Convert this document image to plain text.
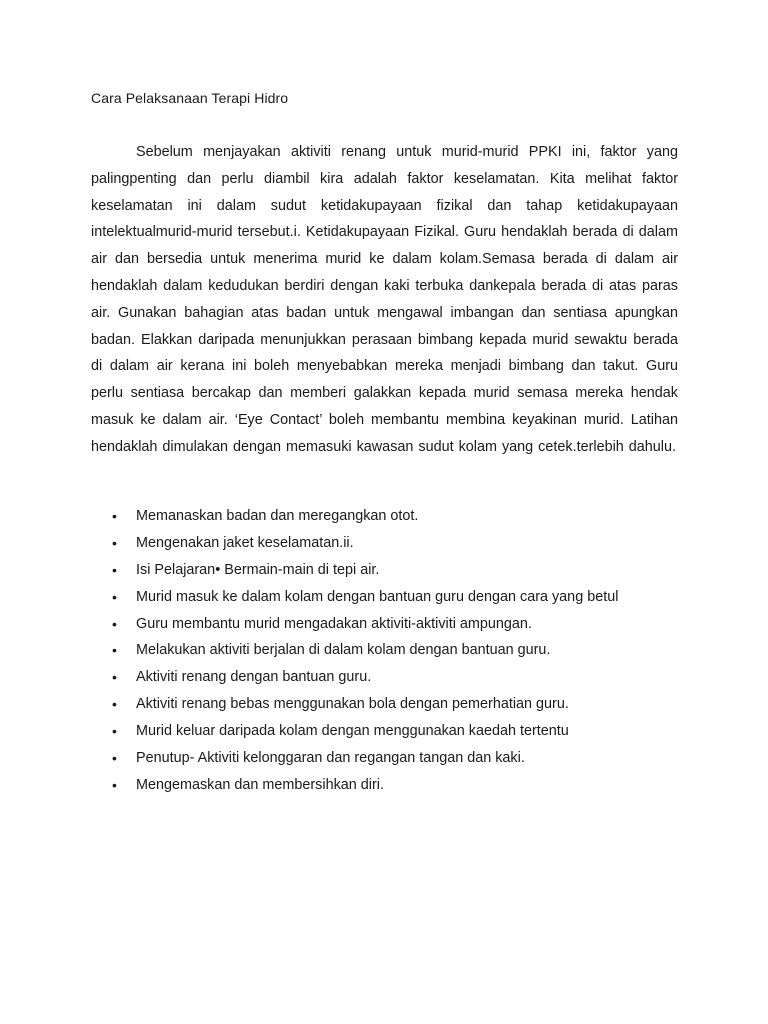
Cara Pelaksanaan Terapi Hidro

Sebelum menjayakan aktiviti renang untuk murid-murid PPKI ini, faktor yang palingpenting dan perlu diambil kira adalah faktor keselamatan. Kita melihat faktor keselamatan ini dalam sudut ketidakupayaan fizikal dan tahap ketidakupayaan intelektualmurid-murid tersebut.i. Ketidakupayaan Fizikal. Guru hendaklah berada di dalam air dan bersedia untuk menerima murid ke dalam kolam.Semasa berada di dalam air hendaklah dalam kedudukan berdiri dengan kaki terbuka dankepala berada di atas paras air. Gunakan bahagian atas badan untuk mengawal imbangan dan sentiasa apungkan badan. Elakkan daripada menunjukkan perasaan bimbang kepada murid sewaktu berada di dalam air kerana ini boleh menyebabkan mereka menjadi bimbang dan takut. Guru perlu sentiasa bercakap dan memberi galakkan kepada murid semasa mereka hendak masuk ke dalam air. ‘Eye Contact’ boleh membantu membina keyakinan murid. Latihan hendaklah dimulakan dengan memasuki kawasan sudut kolam yang cetek.terlebih dahulu.

• Memanaskan badan dan meregangkan otot.
• Mengenakan jaket keselamatan.ii.
• Isi Pelajaran• Bermain-main di tepi air.
• Murid masuk ke dalam kolam dengan bantuan guru dengan cara yang betul
• Guru membantu murid mengadakan aktiviti-aktiviti ampungan.
• Melakukan aktiviti berjalan di dalam kolam dengan bantuan guru.
• Aktiviti renang dengan bantuan guru.
• Aktiviti renang bebas menggunakan bola dengan pemerhatian guru.
• Murid keluar daripada kolam dengan menggunakan kaedah tertentu
• Penutup- Aktiviti kelonggaran dan regangan tangan dan kaki.
• Mengemaskan dan membersihkan diri.
